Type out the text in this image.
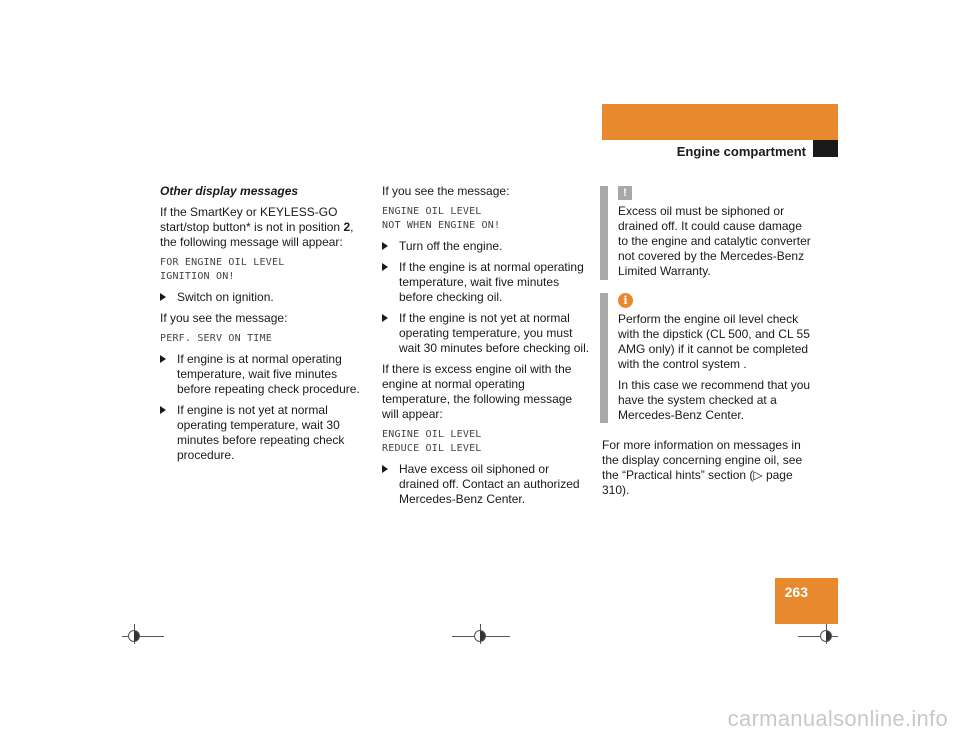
Operation
Engine compartment

Other display messages

If the SmartKey or KEYLESS-GO start/stop button* is not in position 2, the following message will appear:

FOR ENGINE OIL LEVEL
IGNITION ON!
Switch on ignition.

If you see the message:

PERF. SERV ON TIME
If engine is at normal operating temperature, wait five minutes before repeating check procedure.
If engine is not yet at normal operating temperature, wait 30 minutes before repeating check procedure.

If you see the message:

ENGINE OIL LEVEL
NOT WHEN ENGINE ON!
Turn off the engine.
If the engine is at normal operating temperature, wait five minutes before checking oil.
If the engine is not yet at normal operating temperature, you must wait 30 minutes before checking oil.

If there is excess engine oil with the engine at normal operating temperature, the following message will appear:

ENGINE OIL LEVEL
REDUCE OIL LEVEL
Have excess oil siphoned or drained off. Contact an authorized Mercedes-Benz Center.
!

Excess oil must be siphoned or drained off. It could cause damage to the engine and catalytic converter not covered by the Mercedes-Benz Limited Warranty.

i

Perform the engine oil level check with the dipstick (CL 500, and CL 55 AMG only) if it cannot be completed with the control system .

In this case we recommend that you have the system checked at a Mercedes-Benz Center.

For more information on messages in the display concerning engine oil, see the “Practical hints” section (▷ page 310).

263
carmanualsonline.info
